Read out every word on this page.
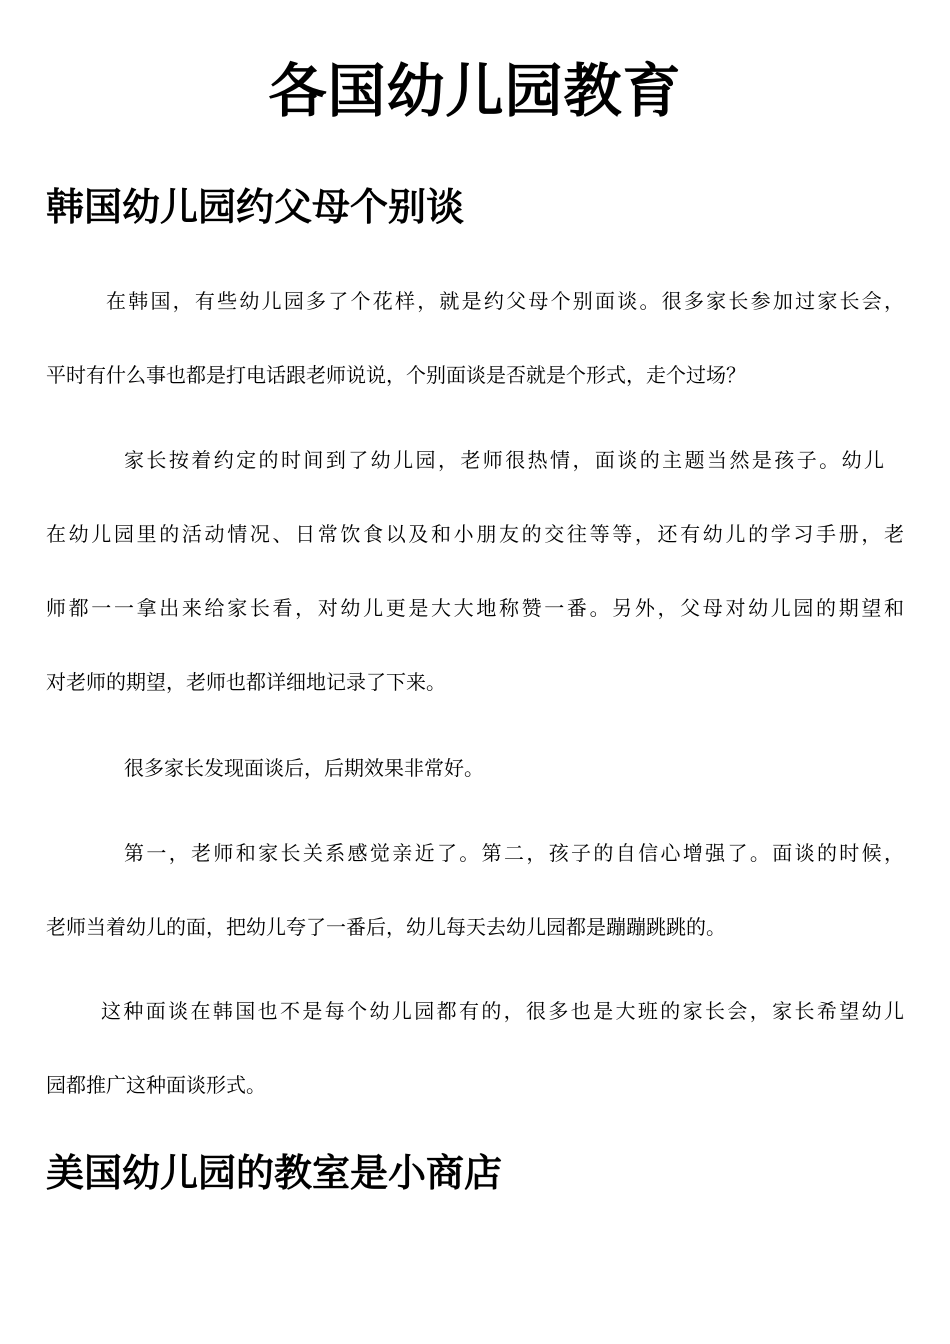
各国幼儿园教育
韩国幼儿园约父母个别谈
在韩国，有些幼儿园多了个花样，就是约父母个别面谈。很多家长参加过家长会，
平时有什么事也都是打电话跟老师说说，个别面谈是否就是个形式，走个过场？
家长按着约定的时间到了幼儿园，老师很热情，面谈的主题当然是孩子。幼儿
在幼儿园里的活动情况、日常饮食以及和小朋友的交往等等，还有幼儿的学习手册，老
师都一一拿出来给家长看，对幼儿更是大大地称赞一番。另外，父母对幼儿园的期望和
对老师的期望，老师也都详细地记录了下来。
很多家长发现面谈后，后期效果非常好。
第一，老师和家长关系感觉亲近了。第二，孩子的自信心增强了。面谈的时候，
老师当着幼儿的面，把幼儿夸了一番后，幼儿每天去幼儿园都是蹦蹦跳跳的。
这种面谈在韩国也不是每个幼儿园都有的，很多也是大班的家长会，家长希望幼儿
园都推广这种面谈形式。
美国幼儿园的教室是小商店
